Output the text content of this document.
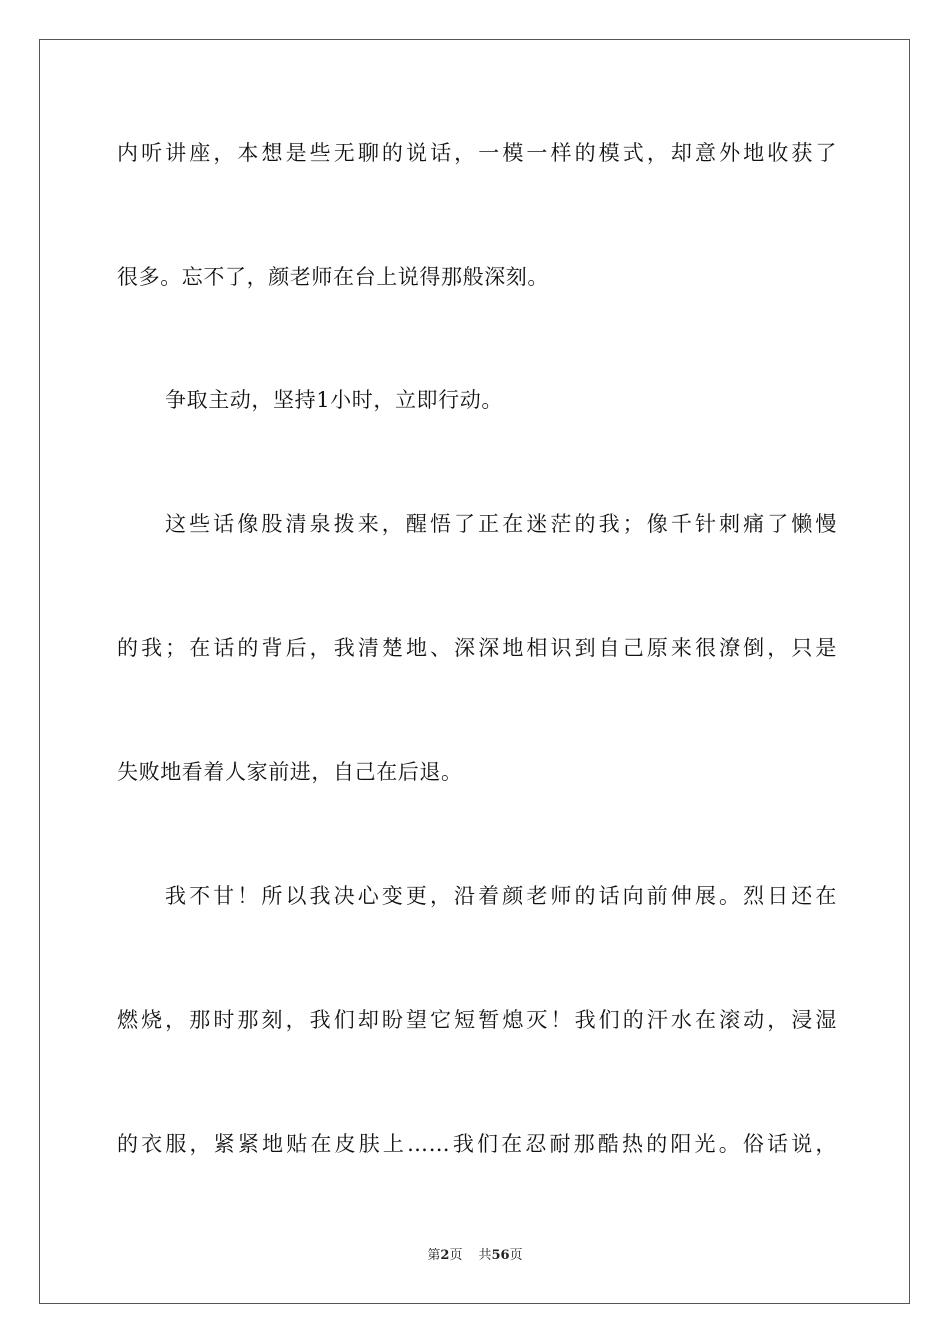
内听讲座，本想是些无聊的说话，一模一样的模式，却意外地收获了
很多。忘不了，颜老师在台上说得那般深刻。
争取主动，坚持1小时，立即行动。
这些话像股清泉拨来，醒悟了正在迷茫的我；像千针刺痛了懒慢
的我；在话的背后，我清楚地、深深地相识到自己原来很潦倒，只是
失败地看着人家前进，自己在后退。
我不甘！所以我决心变更，沿着颜老师的话向前伸展。烈日还在
燃烧，那时那刻，我们却盼望它短暂熄灭！我们的汗水在滚动，浸湿
的衣服，紧紧地贴在皮肤上……我们在忍耐那酷热的阳光。俗话说，
第2页 共56页
